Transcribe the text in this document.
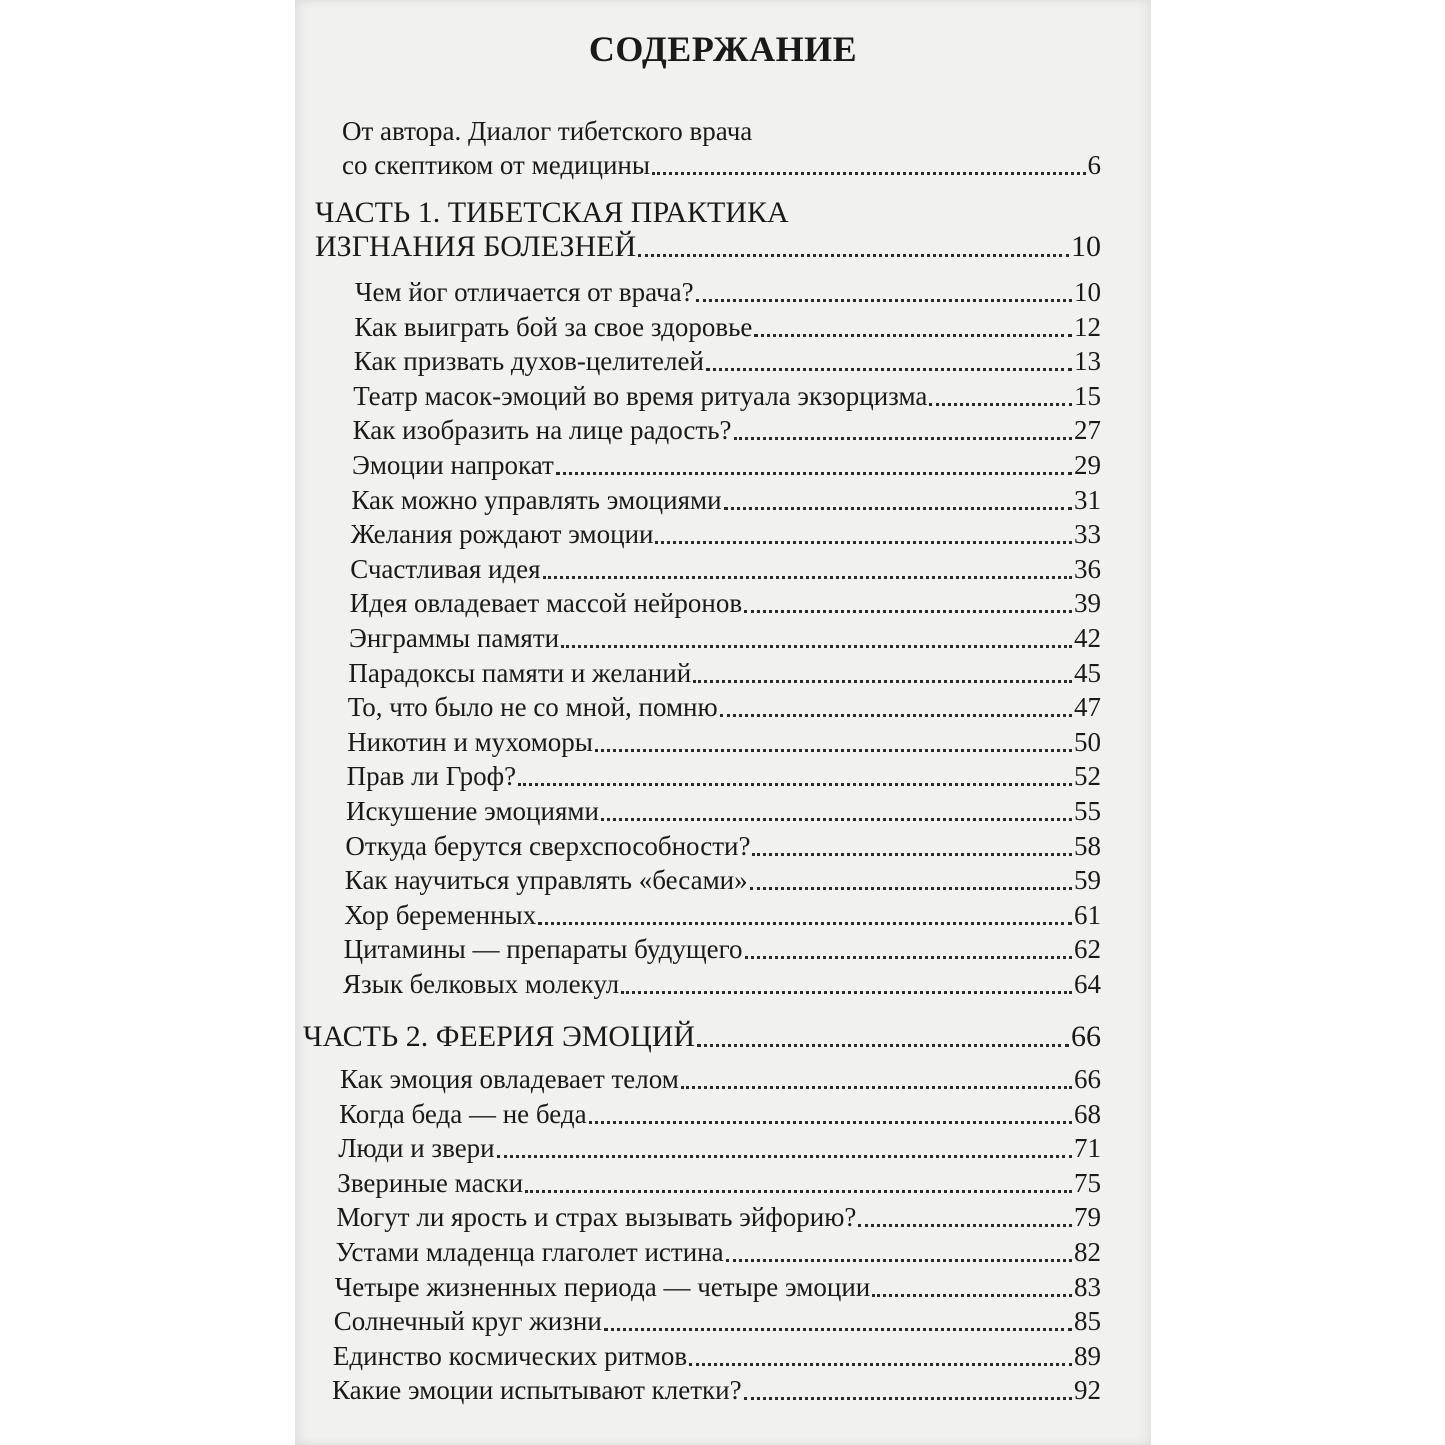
СОДЕРЖАНИЕ
От автора. Диалог тибетского врача
со скептиком от медицины	6
ЧАСТЬ 1. ТИБЕТСКАЯ ПРАКТИКА
ИЗГНАНИЯ БОЛЕЗНЕЙ	10
Чем йог отличается от врача?	10
Как выиграть бой за свое здоровье	12
Как призвать духов-целителей	13
Театр масок-эмоций во время ритуала экзорцизма	15
Как изобразить на лице радость?	27
Эмоции напрокат	29
Как можно управлять эмоциями	31
Желания рождают эмоции	33
Счастливая идея	36
Идея овладевает массой нейронов	39
Энграммы памяти	42
Парадоксы памяти и желаний	45
То, что было не со мной, помню	47
Никотин и мухоморы	50
Прав ли Гроф?	52
Искушение эмоциями	55
Откуда берутся сверхспособности?	58
Как научиться управлять «бесами»	59
Хор беременных	61
Цитамины — препараты будущего	62
Язык белковых молекул	64
ЧАСТЬ 2. ФЕЕРИЯ ЭМОЦИЙ	66
Как эмоция овладевает телом	66
Когда беда — не беда	68
Люди и звери	71
Звериные маски	75
Могут ли ярость и страх вызывать эйфорию?	79
Устами младенца глаголет истина	82
Четыре жизненных периода — четыре эмоции	83
Солнечный круг жизни	85
Единство космических ритмов	89
Какие эмоции испытывают клетки?	92
